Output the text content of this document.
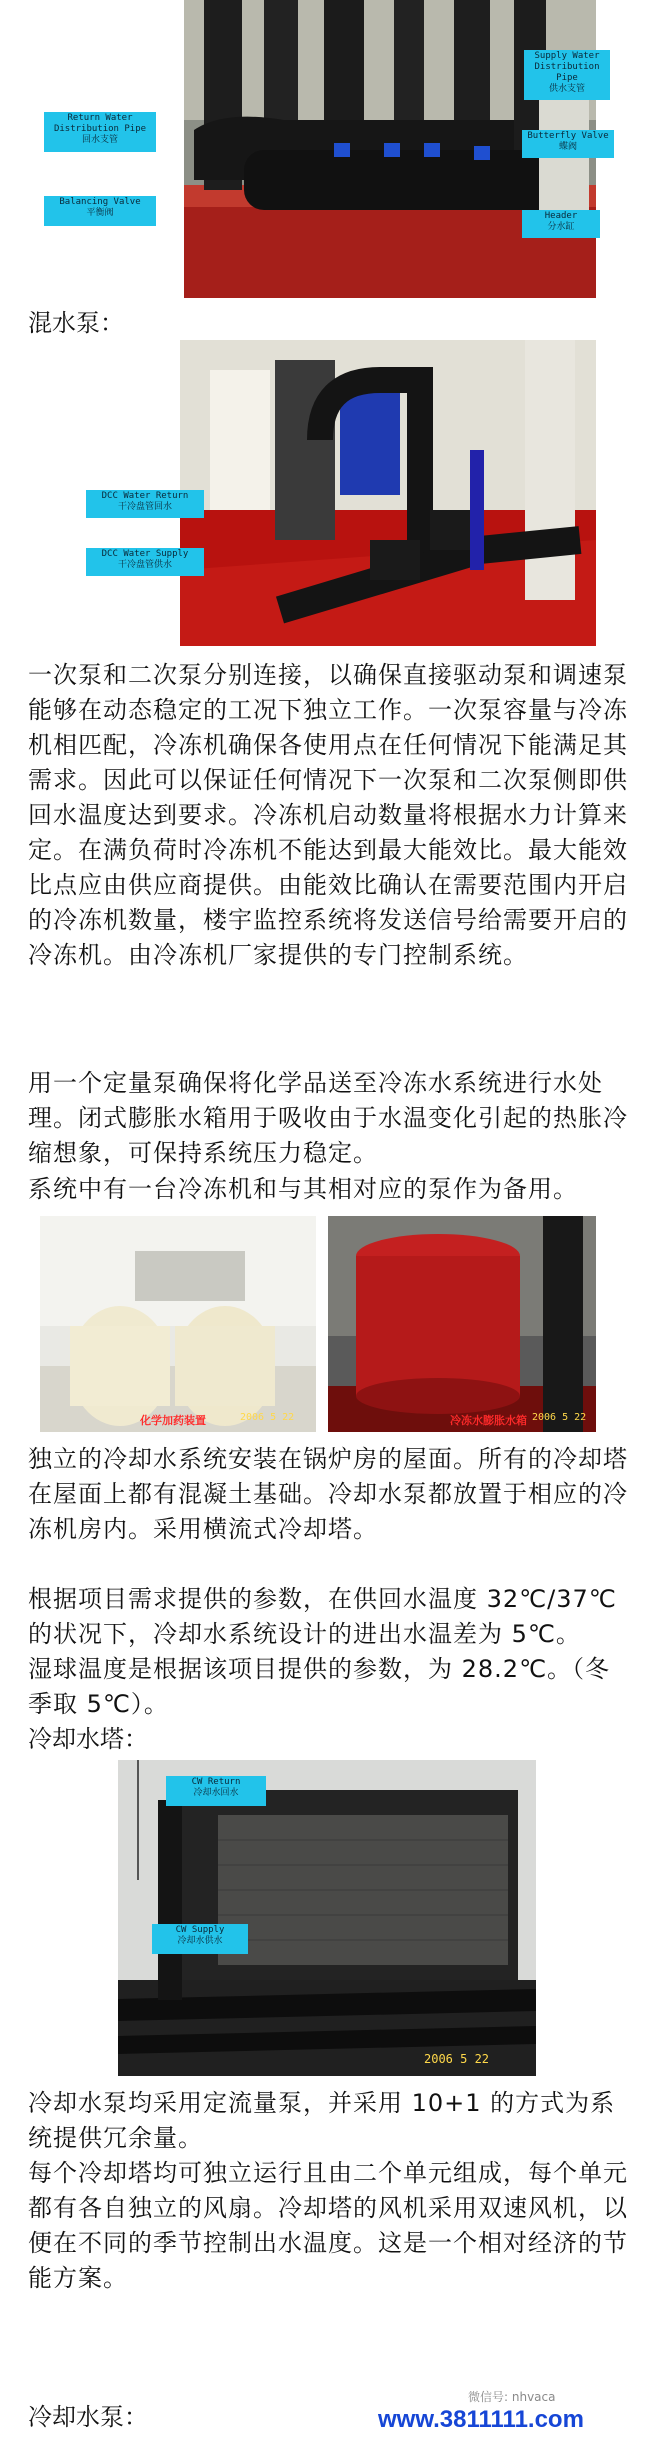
Return Water
Distribution Pipe
回水支管
Balancing Valve
平衡阀
Supply Water
Distribution
Pipe
供水支管
Butterfly Valve
蝶阀
Header
分水缸
混水泵：
DCC Water Return
干冷盘管回水
DCC Water Supply
干冷盘管供水

一次泵和二次泵分别连接，以确保直接驱动泵和调速泵能够在动态稳定的工况下独立工作。一次泵容量与冷冻机相匹配，冷冻机确保各使用点在任何情况下能满足其需求。因此可以保证任何情况下一次泵和二次泵侧即供回水温度达到要求。冷冻机启动数量将根据水力计算来定。在满负荷时冷冻机不能达到最大能效比。最大能效比点应由供应商提供。由能效比确认在需要范围内开启的冷冻机数量，楼宇监控系统将发送信号给需要开启的冷冻机。由冷冻机厂家提供的专门控制系统。

用一个定量泵确保将化学品送至冷冻水系统进行水处理。闭式膨胀水箱用于吸收由于水温变化引起的热胀冷缩想象，可保持系统压力稳定。

系统中有一台冷冻机和与其相对应的泵作为备用。

化学加药装置	2006 5 22	冷冻水膨胀水箱 2006 5 22

独立的冷却水系统安装在锅炉房的屋面。所有的冷却塔在屋面上都有混凝土基础。冷却水泵都放置于相应的冷冻机房内。采用横流式冷却塔。

根据项目需求提供的参数，在供回水温度 32℃/37℃的状况下，冷却水系统设计的进出水温差为 5℃。

湿球温度是根据该项目提供的参数，为 28.2℃。（冬季取 5℃）。

冷却水塔：
CW Return
冷却水回水
CW Supply
冷却水供水
2006 5 22

冷却水泵均采用定流量泵，并采用 10+1 的方式为系统提供冗余量。

每个冷却塔均可独立运行且由二个单元组成，每个单元都有各自独立的风扇。冷却塔的风机采用双速风机，以便在不同的季节控制出水温度。这是一个相对经济的节能方案。

冷却水泵：
微信号: nhvaca
www.3811111.com
